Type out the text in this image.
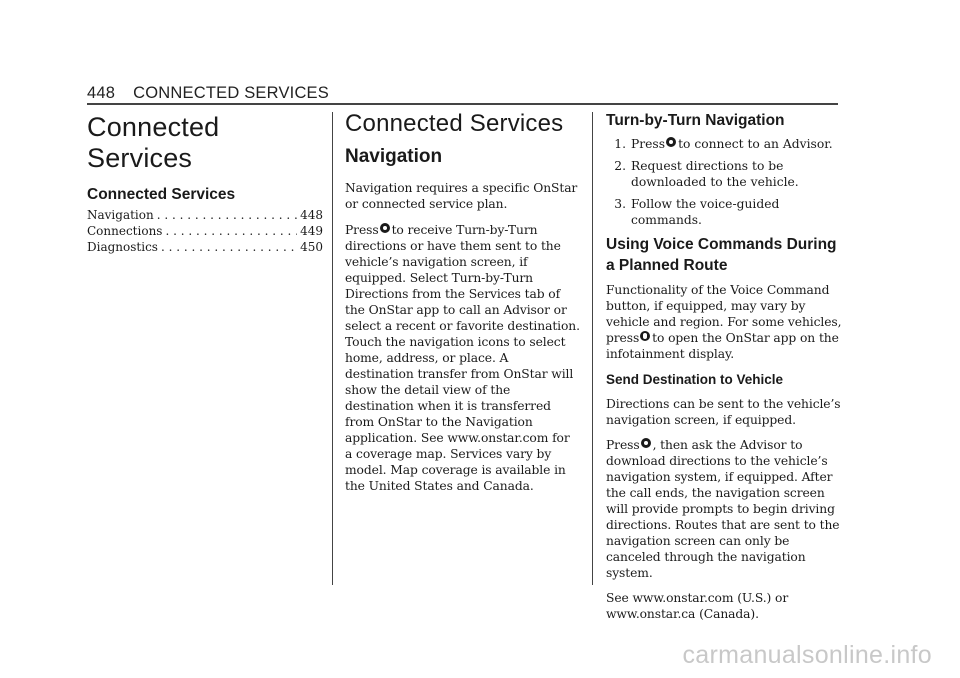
448 CONNECTED SERVICES
Connected Services
Connected Services
Navigation . . .	448
Connections . . .	449
Diagnostics . . .	450
Connected Services
Navigation

Navigation requires a specific OnStar or connected service plan.

Press to receive Turn-by-Turn directions or have them sent to the vehicle’s navigation screen, if equipped. Select Turn-by-Turn Directions from the Services tab of the OnStar app to call an Advisor or select a recent or favorite destination. Touch the navigation icons to select home, address, or place. A destination transfer from OnStar will show the detail view of the destination when it is transferred from OnStar to the Navigation application. See www.onstar.com for a coverage map. Services vary by model. Map coverage is available in the United States and Canada.

Turn-by-Turn Navigation
1. Press to connect to an Advisor.
2. Request directions to be downloaded to the vehicle.
3. Follow the voice-guided commands.
Using Voice Commands During a Planned Route

Functionality of the Voice Command button, if equipped, may vary by vehicle and region. For some vehicles, press to open the OnStar app on the infotainment display.

Send Destination to Vehicle

Directions can be sent to the vehicle’s navigation screen, if equipped.

Press , then ask the Advisor to download directions to the vehicle’s navigation system, if equipped. After the call ends, the navigation screen will provide prompts to begin driving directions. Routes that are sent to the navigation screen can only be canceled through the navigation system.

See www.onstar.com (U.S.) or www.onstar.ca (Canada).

carmanualsonline.info
